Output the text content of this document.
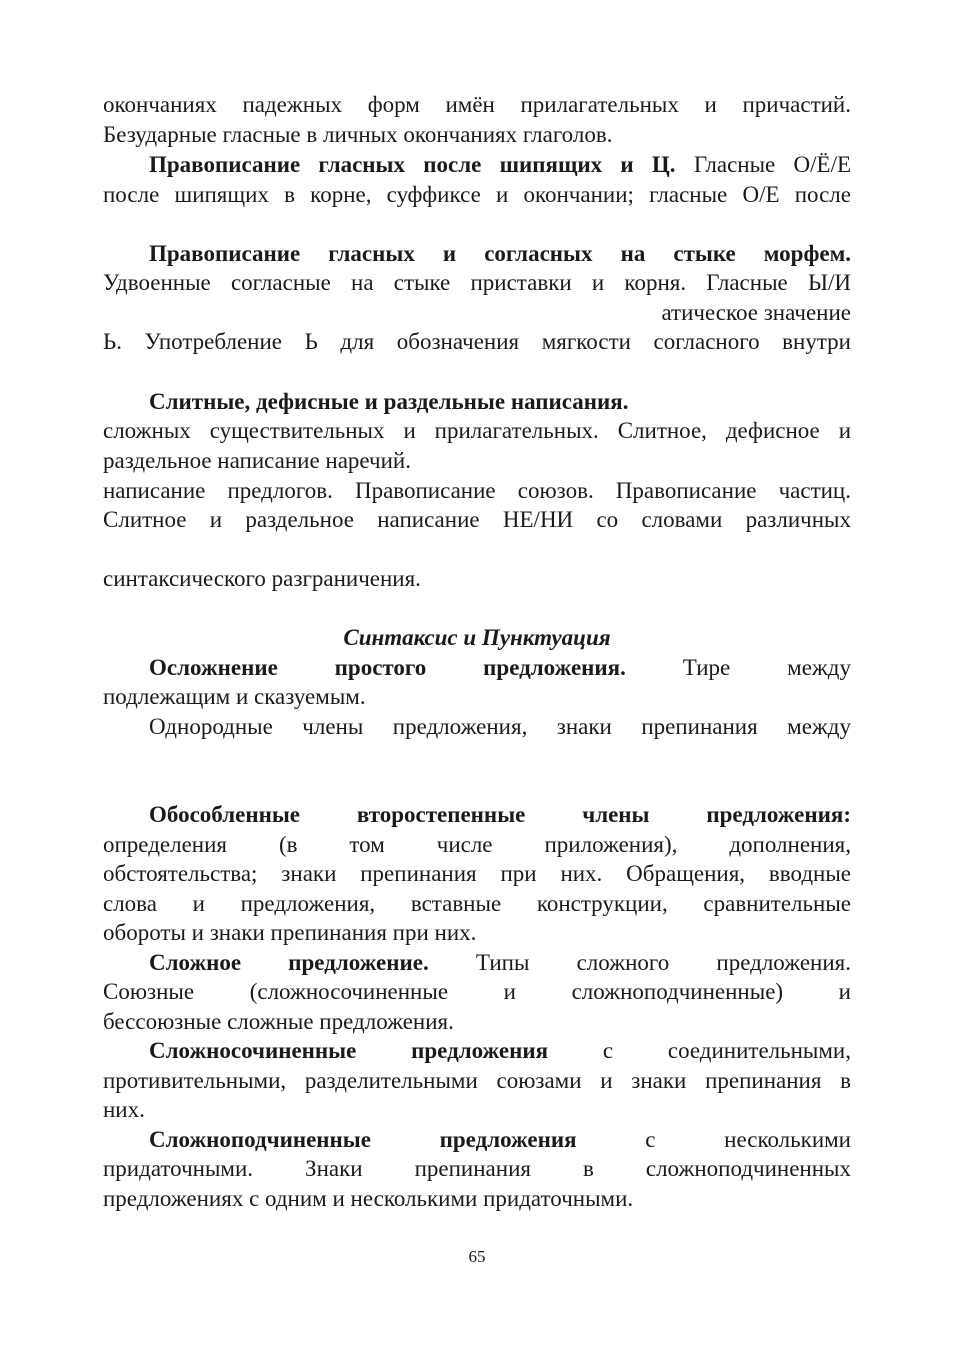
окончаниях падежных форм имён прилагательных и причастий.
Безударные гласные в личных окончаниях глаголов.
Правописание гласных после шипящих и Ц. Гласные О/Ё/Е
после шипящих в корне, суффиксе и окончании; гласные О/Е после
Правописание гласных и согласных на стыке морфем.
Удвоенные согласные на стыке приставки и корня. Гласные Ы/И
атическое значение
Ь. Употребление Ь для обозначения мягкости согласного внутри
Слитные, дефисные и раздельные написания.
сложных существительных и прилагательных. Слитное, дефисное и
раздельное написание наречий.
написание предлогов. Правописание союзов. Правописание частиц.
Слитное и раздельное написание НЕ/НИ со словами различных
синтаксического разграничения.
Синтаксис и Пунктуация
Осложнение простого предложения. Тире между
подлежащим и сказуемым.
Однородные члены предложения, знаки препинания между
Обособленные второстепенные члены предложения:
определения (в том числе приложения), дополнения,
обстоятельства; знаки препинания при них. Обращения, вводные
слова и предложения, вставные конструкции, сравнительные
обороты и знаки препинания при них.
Сложное предложение. Типы сложного предложения.
Союзные (сложносочиненные и сложноподчиненные) и
бессоюзные сложные предложения.
Сложносочиненные предложения с соединительными,
противительными, разделительными союзами и знаки препинания в
них.
Сложноподчиненные предложения с несколькими
придаточными. Знаки препинания в сложноподчиненных
предложениях с одним и несколькими придаточными.
65
